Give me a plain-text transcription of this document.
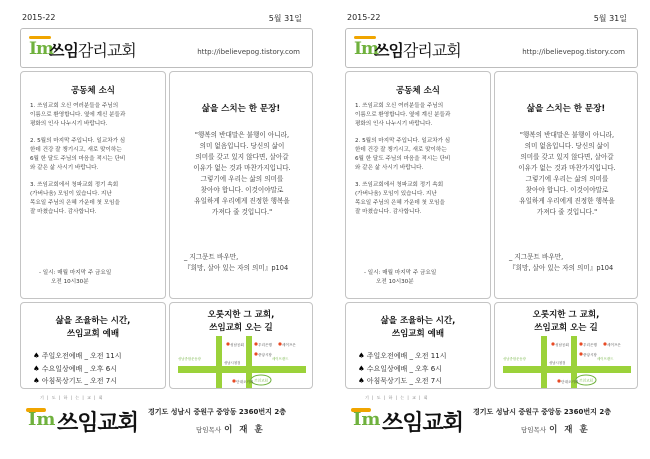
2015-22	5월 31일
Im
쓰임감리교회	http://ibelievepog.tistory.com
공동체 소식
1. 쓰임교회 오신 여러분들을 주님의
이름으로 환영합니다. 옆에 계신 분들과
평화의 인사 나누시기 바랍니다.
2. 5월의 마지막 주입니다. 일교차가 심
한데 건강 잘 챙기시고, 새로 맞이하는
6월 한 달도 주님의 마음을 적시는 단비
와 같은 삶 사시기 바랍니다.
3. 쓰임교회에서 청파교회 정기 속회
(가버나움) 모임이 있습니다. 지난
목요일 주님의 은혜 가운데 첫 모임을
잘 마쳤습니다. 감사합니다.
- 일시: 매월 마지막 주 금요일
오전 10시30분
삶을 스치는 한 문장!
"행복의 반대말은 불행이 아니라,
의미 없음입니다. 당신의 삶이
의미를 갖고 있지 않다면, 살아갈
이유가 없는 것과 마찬가지입니다.
그렇기에 우리는 삶의 의미를
찾아야 합니다. 이것이야말로
유일하게 우리에게 진정한 행복을
가져다 줄 것입니다."
_ 지그문트 바우만,
『희망, 살아 있는 자의 의미』p104
삶을 조율하는 시간,
쓰임교회 예배
♠ 주일오전예배 _ 오전 11시
♠ 수요일상예배 _ 오후 6시
♠ 아침묵상기도 _ 오전 7시
오롯지한 그 교회,
쓰임교회 오는 길
성남공회	우리은행	세이프은
중앙시장
성남종합운동장	세이프랜드
성남시청점
단대오거리 쓰임교회
기 | 도 | 하 | 는 | 교 | 회
Im 쓰임교회 경기도 성남시 중원구 중앙동 2360번지 2층
담임목사 이 재 훈
2015-22	5월 31일
Im
쓰임감리교회	http://ibelievepog.tistory.com
공동체 소식
1. 쓰임교회 오신 여러분들을 주님의
이름으로 환영합니다. 옆에 계신 분들과
평화의 인사 나누시기 바랍니다.
2. 5월의 마지막 주입니다. 일교차가 심
한데 건강 잘 챙기시고, 새로 맞이하는
6월 한 달도 주님의 마음을 적시는 단비
와 같은 삶 사시기 바랍니다.
3. 쓰임교회에서 청파교회 정기 속회
(가버나움) 모임이 있습니다. 지난
목요일 주님의 은혜 가운데 첫 모임을
잘 마쳤습니다. 감사합니다.
- 일시: 매월 마지막 주 금요일
오전 10시30분
삶을 스치는 한 문장!
"행복의 반대말은 불행이 아니라,
의미 없음입니다. 당신의 삶이
의미를 갖고 있지 않다면, 살아갈
이유가 없는 것과 마찬가지입니다.
그렇기에 우리는 삶의 의미를
찾아야 합니다. 이것이야말로
유일하게 우리에게 진정한 행복을
가져다 줄 것입니다."
_ 지그문트 바우만,
『희망, 살아 있는 자의 의미』p104
삶을 조율하는 시간,
쓰임교회 예배
♠ 주일오전예배 _ 오전 11시
♠ 수요일상예배 _ 오후 6시
♠ 아침묵상기도 _ 오전 7시
오롯지한 그 교회,
쓰임교회 오는 길
성남공회	우리은행	세이프은
중앙시장
성남종합운동장	세이프랜드
성남시청점
단대오거리 쓰임교회
기 | 도 | 하 | 는 | 교 | 회
Im 쓰임교회 경기도 성남시 중원구 중앙동 2360번지 2층
담임목사 이 재 훈
